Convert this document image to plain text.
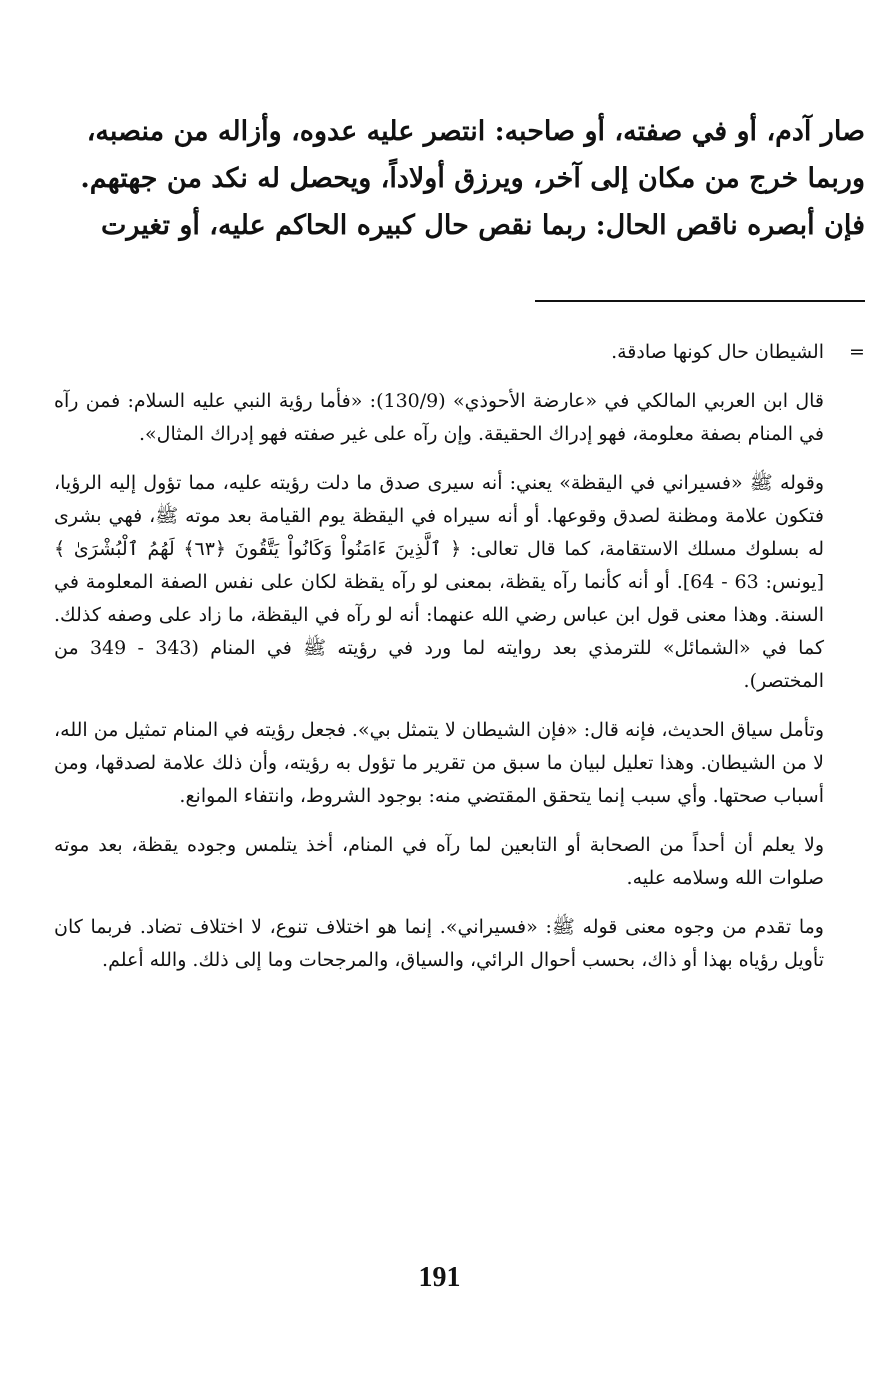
صار آدم، أو في صفته، أو صاحبه: انتصر عليه عدوه، وأزاله من منصبه،
وربما خرج من مكان إلى آخر، ويرزق أولاداً، ويحصل له نكد من جهتهم.
فإن أبصره ناقص الحال: ربما نقص حال كبيره الحاكم عليه، أو تغيرت
=

الشيطان حال كونها صادقة.

قال ابن العربي المالكي في «عارضة الأحوذي» (130/9): «فأما رؤية النبي عليه السلام: فمن رآه في المنام بصفة معلومة، فهو إدراك الحقيقة. وإن رآه على غير صفته فهو إدراك المثال».

وقوله ﷺ «فسيراني في اليقظة» يعني: أنه سيرى صدق ما دلت رؤيته عليه، مما تؤول إليه الرؤيا، فتكون علامة ومظنة لصدق وقوعها. أو أنه سيراه في اليقظة يوم القيامة بعد موته ﷺ، فهي بشرى له بسلوك مسلك الاستقامة، كما قال تعالى: ﴿ ٱلَّذِينَ ءَامَنُواْ وَكَانُواْ يَتَّقُونَ ﴿٦٣﴾ لَهُمُ ٱلْبُشْرَىٰ ﴾ [يونس: 63 - 64]. أو أنه كأنما رآه يقظة، بمعنى لو رآه يقظة لكان على نفس الصفة المعلومة في السنة. وهذا معنى قول ابن عباس رضي الله عنهما: أنه لو رآه في اليقظة، ما زاد على وصفه كذلك. كما في «الشمائل» للترمذي بعد روايته لما ورد في رؤيته ﷺ في المنام (343 - 349 من المختصر).

وتأمل سياق الحديث، فإنه قال: «فإن الشيطان لا يتمثل بي». فجعل رؤيته في المنام تمثيل من الله، لا من الشيطان. وهذا تعليل لبيان ما سبق من تقرير ما تؤول به رؤيته، وأن ذلك علامة لصدقها، ومن أسباب صحتها. وأي سبب إنما يتحقق المقتضي منه: بوجود الشروط، وانتفاء الموانع.

ولا يعلم أن أحداً من الصحابة أو التابعين لما رآه في المنام، أخذ يتلمس وجوده يقظة، بعد موته صلوات الله وسلامه عليه.

وما تقدم من وجوه معنى قوله ﷺ: «فسيراني». إنما هو اختلاف تنوع، لا اختلاف تضاد. فربما كان تأويل رؤياه بهذا أو ذاك، بحسب أحوال الرائي، والسياق، والمرجحات وما إلى ذلك. والله أعلم.

191
